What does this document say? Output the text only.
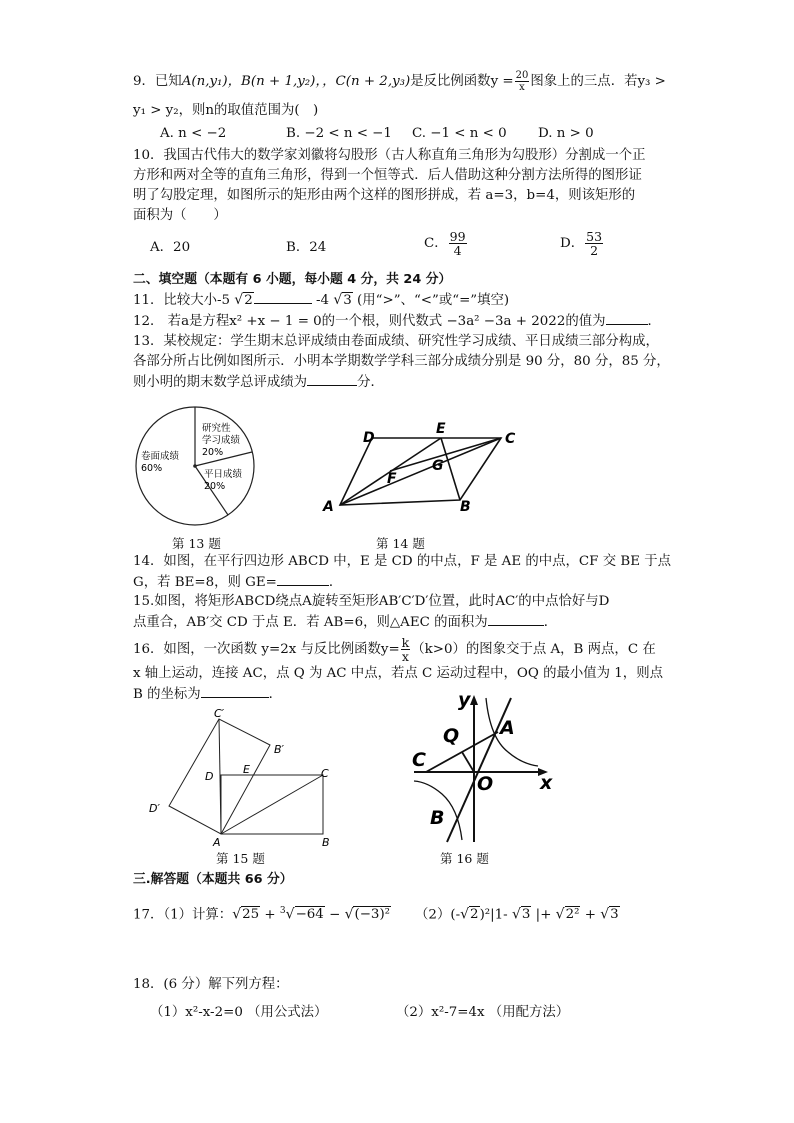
9．已知A(n,y₁)，B(n + 1,y₂)，，C(n + 2,y₃)是反比例函数$y = \frac{20}{x}$ 图象上的三点．若y₃ >
y₁ > y₂，则n的取值范围为(　)
A. n < −2	B. −2 < n < −1 C. −1 < n < 0 D. n > 0
10．我国古代伟大的数学家刘徽将勾股形（古人称直角三角形为勾股形）分割成一个正
方形和两对全等的直角三角形，得到一个恒等式．后人借助这种分割方法所得的图形证
明了勾股定理，如图所示的矩形由两个这样的图形拼成，若 a=3，b=4，则该矩形的
面积为（　　）
A．20	B．24	C． $\frac{99}{4}$	D． $\frac{53}{2}$
二、填空题（本题有 6 小题，每小题 4 分，共 24 分）
11．比较大小-5 √2	-4 √3 (用“>”、“<”或“=”填空)
12． 若a是方程x² +x − 1 = 0的一个根，则代数式 −3a² −3a + 2022的值为	．
13．某校规定：学生期末总评成绩由卷面成绩、研究性学习成绩、平日成绩三部分构成，
各部分所占比例如图所示．小明本学期数学学科三部分成绩分别是 90 分，80 分，85 分，
则小明的期末数学总评成绩为	分．
卷面成绩
60%
研究性
学习成绩
20%
平日成绩
20%
第 13 题
D
E
C
G
F
A	B
第 14 题
14．如图，在平行四边形 ABCD 中，E 是 CD 的中点，F 是 AE 的中点，CF 交 BE 于点
G，若 BE=8，则 GE=	．
15.如图，将矩形ABCD绕点A旋转至矩形AB′C′D′位置，此时AC′的中点恰好与D
点重合，AB′交 CD 于点 E．若 AB=6，则△AEC 的面积为	．
16．如图，一次函数 y=2x 与反比例函数$y= \frac{k}{x} (k>0)$的图象交于点 A，B 两点，C 在
x 轴上运动，连接 AC，点 Q 为 AC 中点，若点 C 运动过程中，OQ 的最小值为 1，则点
B 的坐标为	．
C′
B′
D
E	C
D′
A	B
第 15 题
y
Q A
C
O x
B
第 16 题
三.解答题（本题共 66 分）
17．（1）计算：√25 + $^3$√−64 − √(−3)² （2）(-√2)²|1- √3 |+ √2² + √3
18．(6 分）解下列方程：
（1）x²-x-2=0 （用公式法）	（2）x²-7=4x （用配方法）
